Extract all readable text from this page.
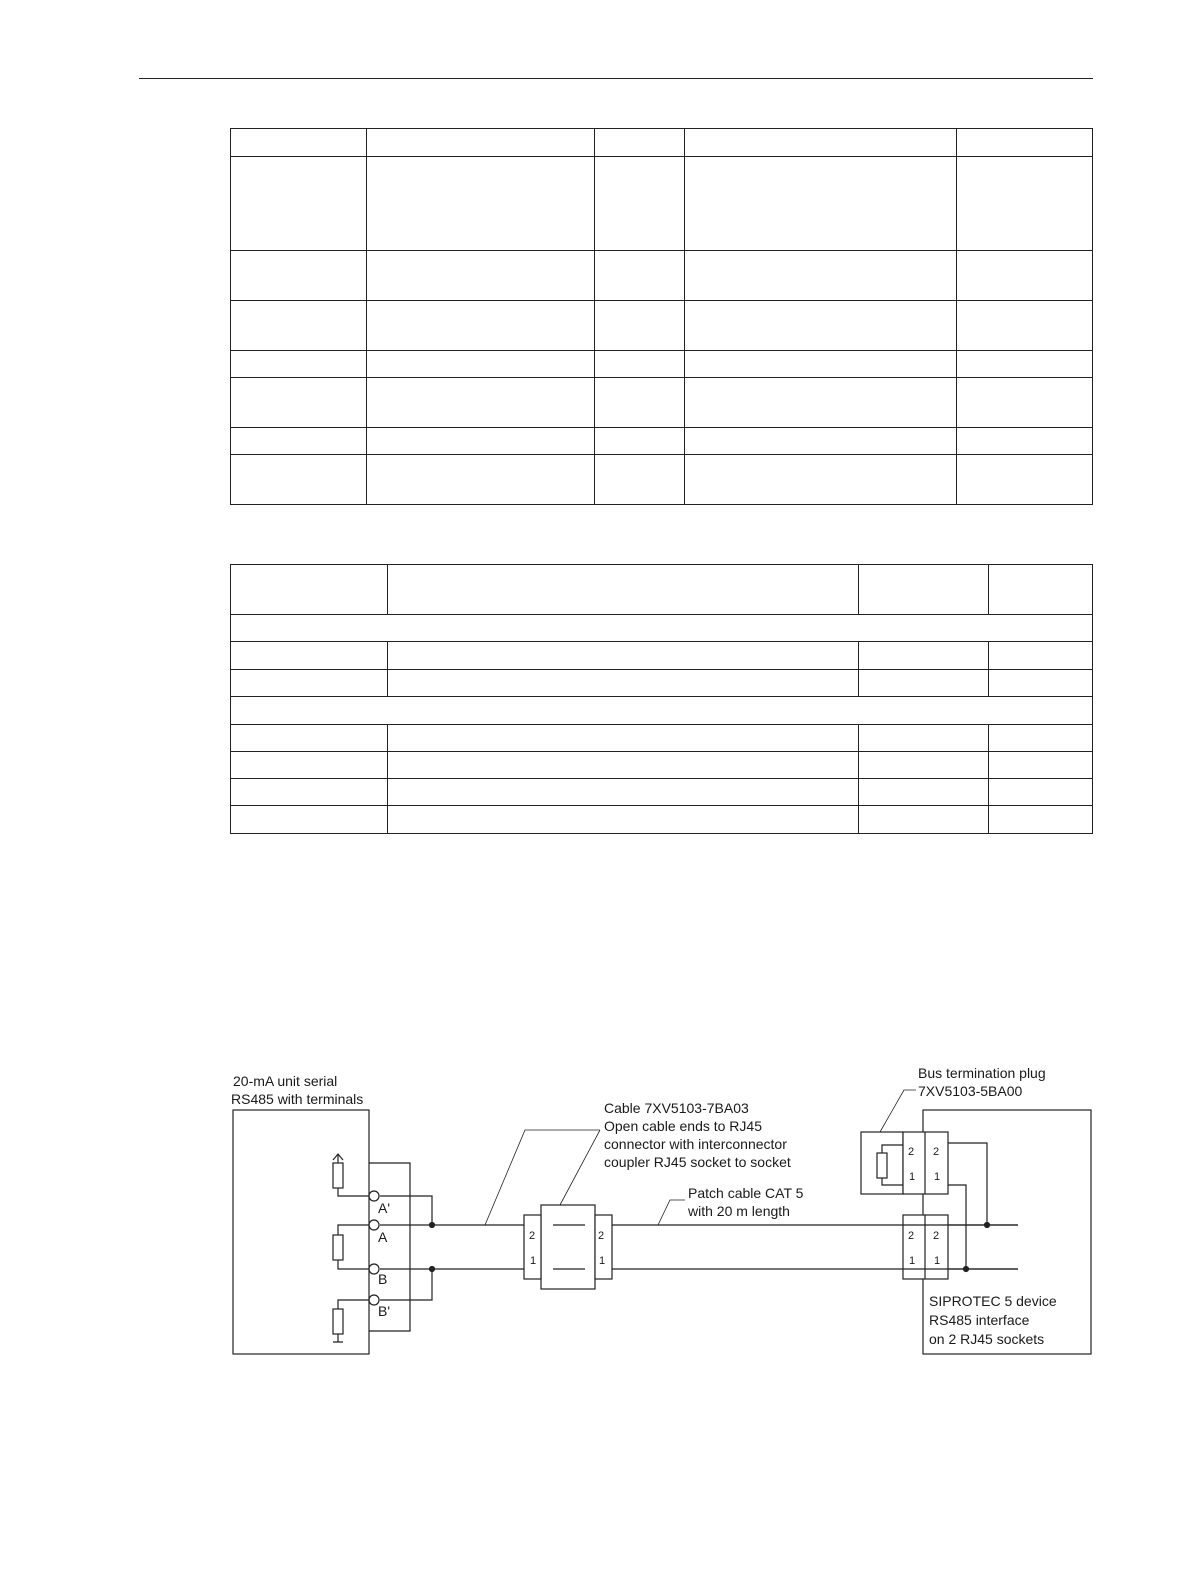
20-mA unit serial
RS485 with terminals
A'
A
B
B'
2
1
2
1
Cable 7XV5103-7BA03
Open cable ends to RJ45
connector with interconnector
coupler RJ45 socket to socket
Patch cable CAT 5
with 20 m length
SIPROTEC 5 device
RS485 interface
on 2 RJ45 sockets
Bus termination plug
7XV5103-5BA00
2 2
1 1
2 2
1 1
